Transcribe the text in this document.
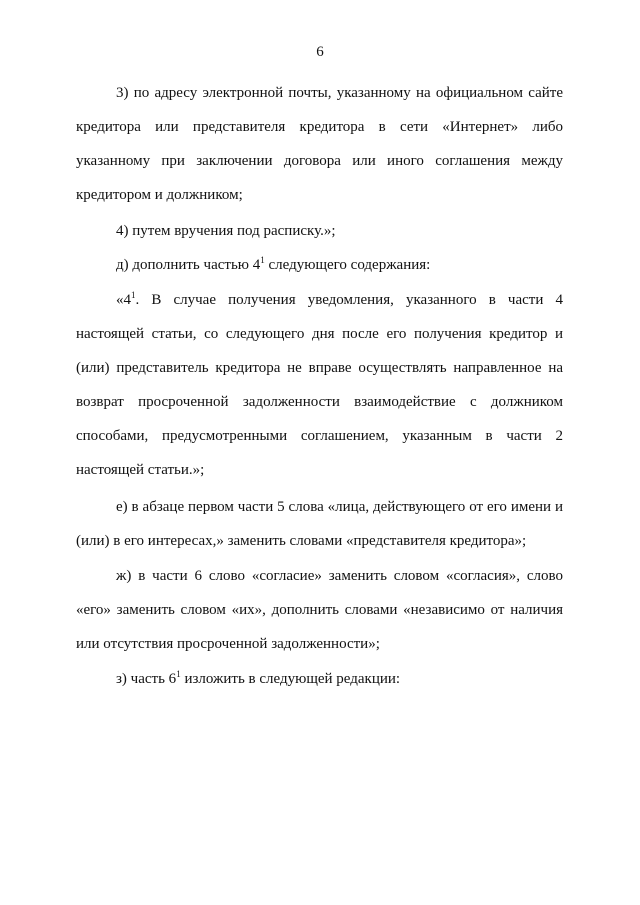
6
3) по адресу электронной почты, указанному на официальном сайте
кредитора или представителя кредитора в сети «Интернет» либо
указанному при заключении договора или иного соглашения между
кредитором и должником;
4) путем вручения под расписку.»;
д) дополнить частью $4^1$ следующего содержания:
«$4^1$. В случае получения уведомления, указанного в части 4
настоящей статьи, со следующего дня после его получения кредитор и
(или) представитель кредитора не вправе осуществлять направленное на
возврат просроченной задолженности взаимодействие с должником
способами, предусмотренными соглашением, указанным в части 2
настоящей статьи.»;
е) в абзаце первом части 5 слова «лица, действующего от его имени и
(или) в его интересах,» заменить словами «представителя кредитора»;
ж) в части 6 слово «согласие» заменить словом «согласия», слово
«его» заменить словом «их», дополнить словами «независимо от наличия
или отсутствия просроченной задолженности»;
з) часть $6^1$ изложить в следующей редакции:
